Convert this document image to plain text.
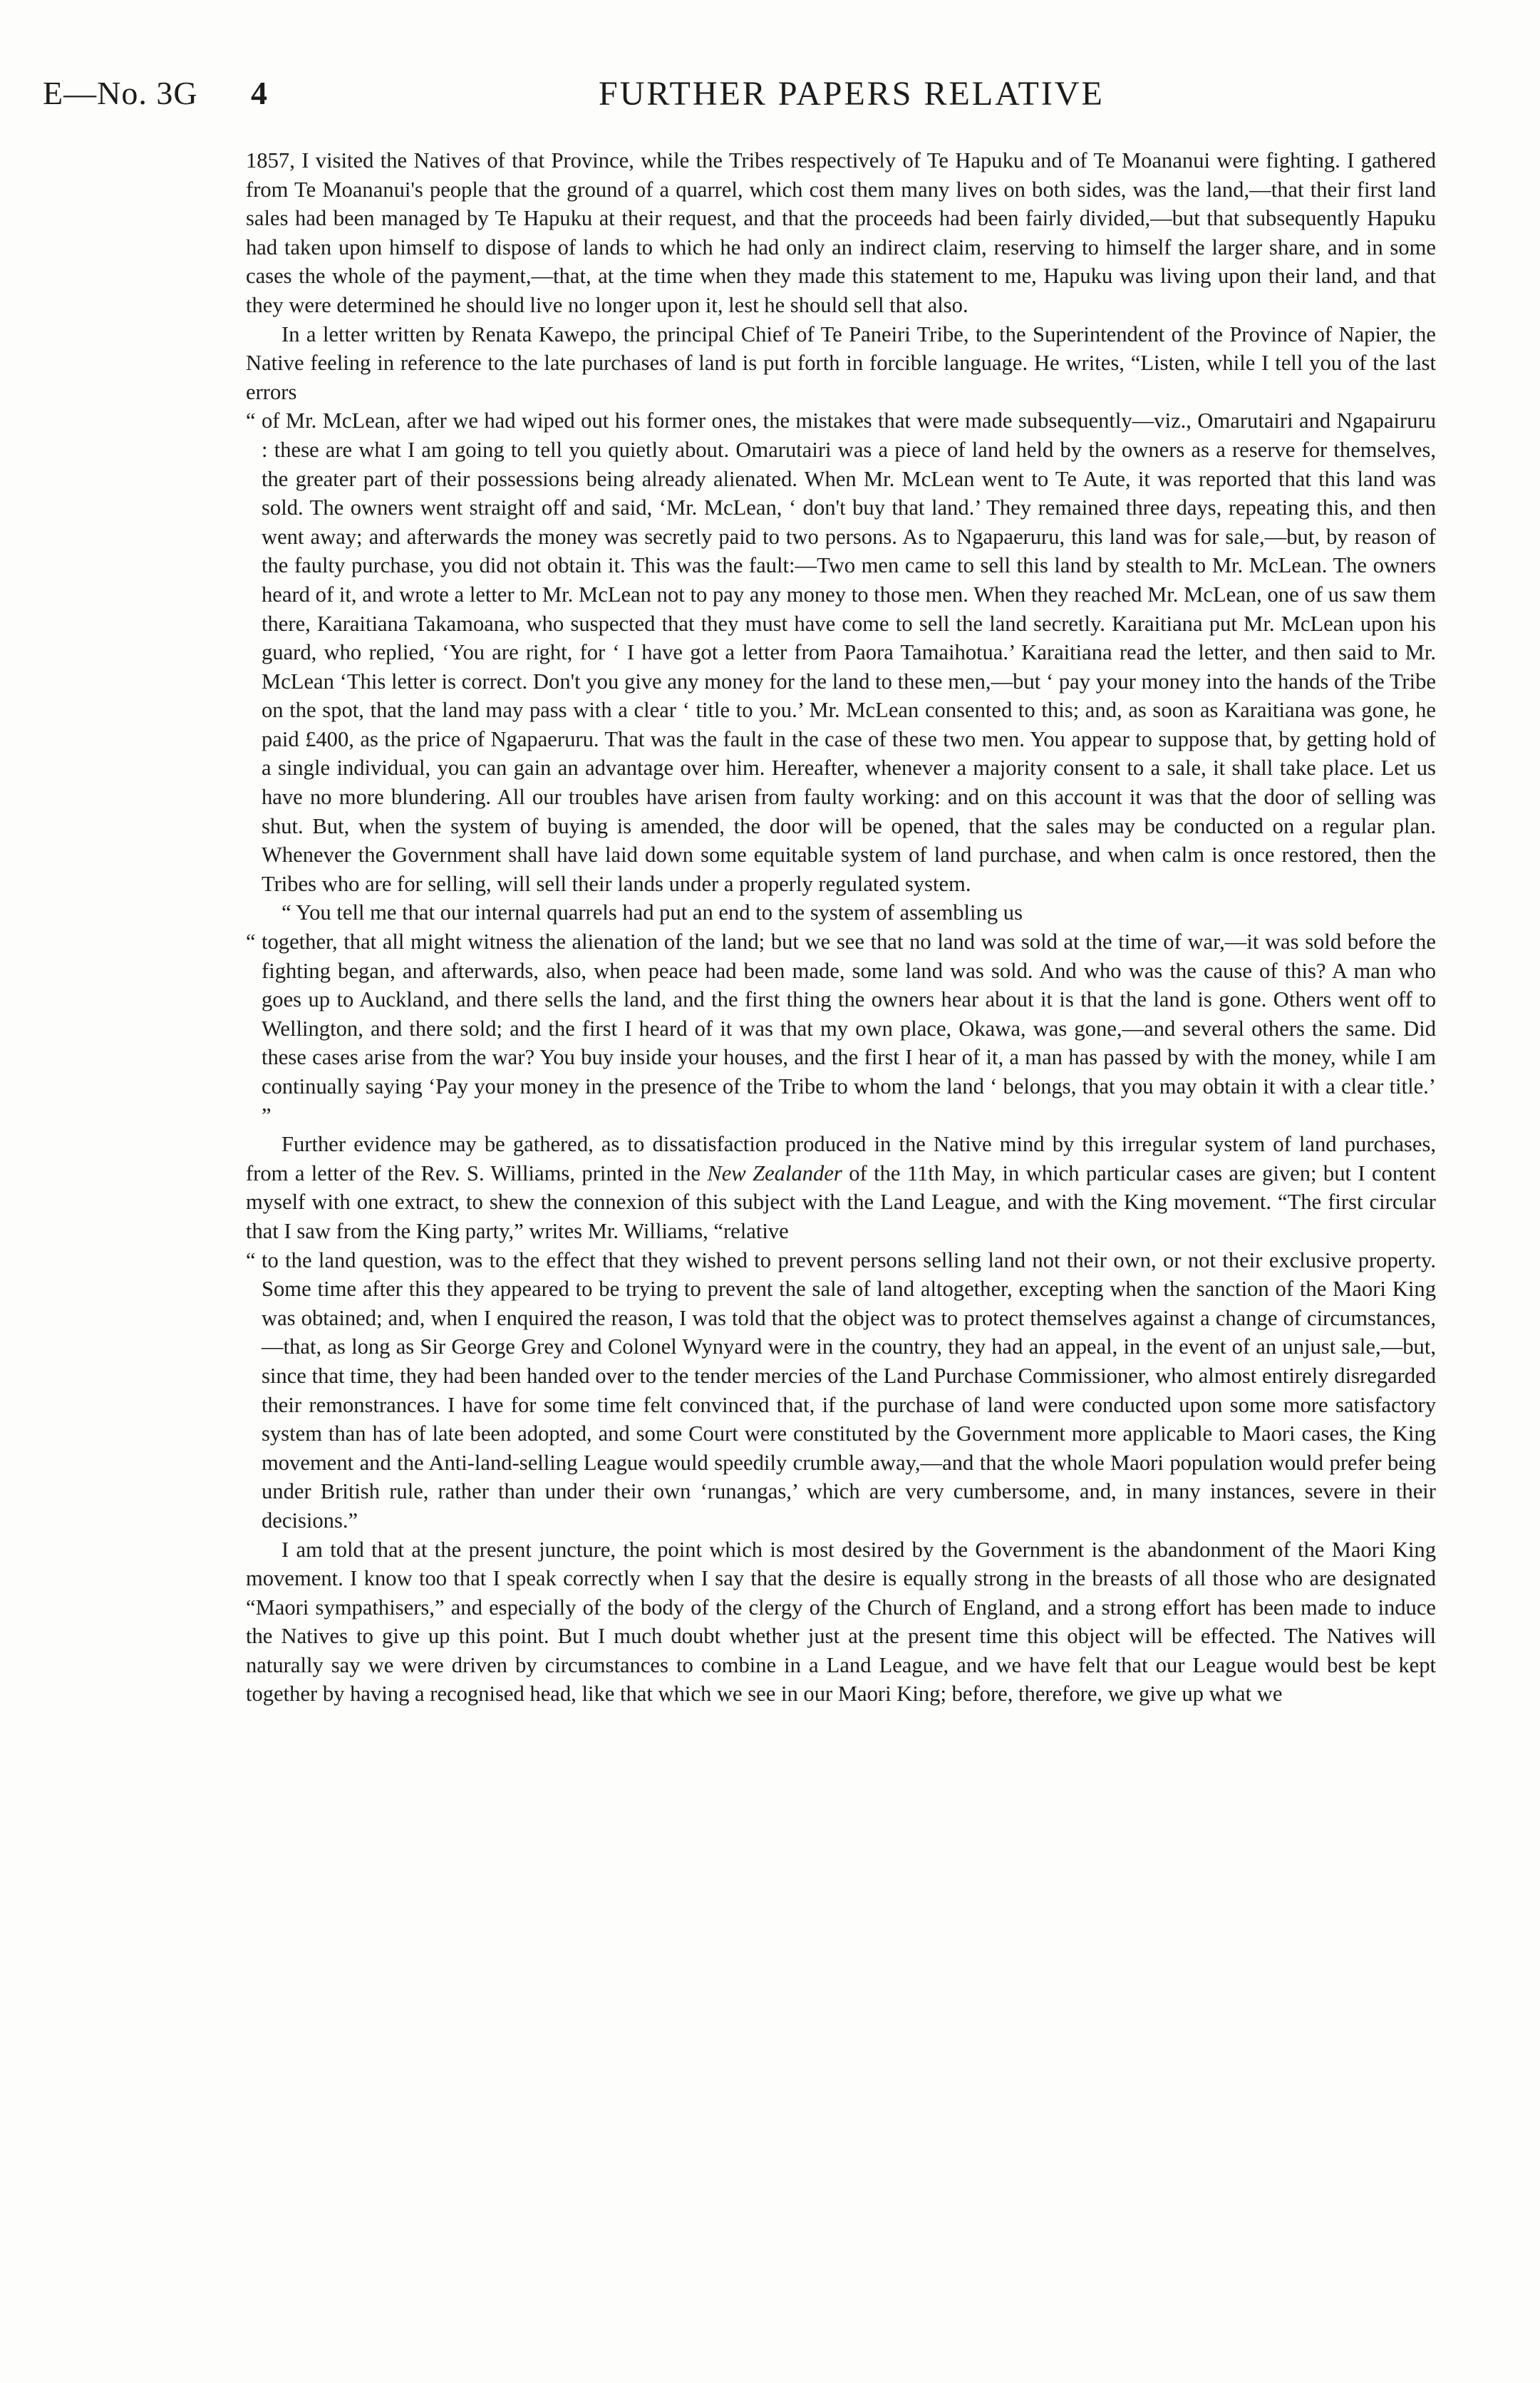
E—No. 3G 4	FURTHER PAPERS RELATIVE

1857, I visited the Natives of that Province, while the Tribes respectively of Te Hapuku and of Te Moananui were fighting. I gathered from Te Moananui's people that the ground of a quarrel, which cost them many lives on both sides, was the land,—that their first land sales had been managed by Te Hapuku at their request, and that the proceeds had been fairly divided,—but that subsequently Hapuku had taken upon himself to dispose of lands to which he had only an indirect claim, reserving to himself the larger share, and in some cases the whole of the payment,—that, at the time when they made this statement to me, Hapuku was living upon their land, and that they were determined he should live no longer upon it, lest he should sell that also.

In a letter written by Renata Kawepo, the principal Chief of Te Paneiri Tribe, to the Superintendent of the Province of Napier, the Native feeling in reference to the late purchases of land is put forth in forcible language. He writes, “Listen, while I tell you of the last errors

“ of Mr. McLean, after we had wiped out his former ones, the mistakes that were made subsequently—viz., Omarutairi and Ngapairuru : these are what I am going to tell you quietly about. Omarutairi was a piece of land held by the owners as a reserve for themselves, the greater part of their possessions being already alienated. When Mr. McLean went to Te Aute, it was reported that this land was sold. The owners went straight off and said, ‘Mr. McLean, ‘ don't buy that land.’ They remained three days, repeating this, and then went away; and afterwards the money was secretly paid to two persons. As to Ngapaeruru, this land was for sale,—but, by reason of the faulty purchase, you did not obtain it. This was the fault:—Two men came to sell this land by stealth to Mr. McLean. The owners heard of it, and wrote a letter to Mr. McLean not to pay any money to those men. When they reached Mr. McLean, one of us saw them there, Karaitiana Takamoana, who suspected that they must have come to sell the land secretly. Karaitiana put Mr. McLean upon his guard, who replied, ‘You are right, for ‘ I have got a letter from Paora Tamaihotua.’ Karaitiana read the letter, and then said to Mr. McLean ‘This letter is correct. Don't you give any money for the land to these men,—but ‘ pay your money into the hands of the Tribe on the spot, that the land may pass with a clear ‘ title to you.’ Mr. McLean consented to this; and, as soon as Karaitiana was gone, he paid £400, as the price of Ngapaeruru. That was the fault in the case of these two men. You appear to suppose that, by getting hold of a single individual, you can gain an advantage over him. Hereafter, whenever a majority consent to a sale, it shall take place. Let us have no more blundering. All our troubles have arisen from faulty working: and on this account it was that the door of selling was shut. But, when the system of buying is amended, the door will be opened, that the sales may be conducted on a regular plan. Whenever the Government shall have laid down some equitable system of land purchase, and when calm is once restored, then the Tribes who are for selling, will sell their lands under a properly regulated system.

“ You tell me that our internal quarrels had put an end to the system of assembling us

“ together, that all might witness the alienation of the land; but we see that no land was sold at the time of war,—it was sold before the fighting began, and afterwards, also, when peace had been made, some land was sold. And who was the cause of this? A man who goes up to Auckland, and there sells the land, and the first thing the owners hear about it is that the land is gone. Others went off to Wellington, and there sold; and the first I heard of it was that my own place, Okawa, was gone,—and several others the same. Did these cases arise from the war? You buy inside your houses, and the first I hear of it, a man has passed by with the money, while I am continually saying ‘Pay your money in the presence of the Tribe to whom the land ‘ belongs, that you may obtain it with a clear title.’ ”

Further evidence may be gathered, as to dissatisfaction produced in the Native mind by this irregular system of land purchases, from a letter of the Rev. S. Williams, printed in the New Zealander of the 11th May, in which particular cases are given; but I content myself with one extract, to shew the connexion of this subject with the Land League, and with the King movement. “The first circular that I saw from the King party,” writes Mr. Williams, “relative

“ to the land question, was to the effect that they wished to prevent persons selling land not their own, or not their exclusive property. Some time after this they appeared to be trying to prevent the sale of land altogether, excepting when the sanction of the Maori King was obtained; and, when I enquired the reason, I was told that the object was to protect themselves against a change of circumstances,—that, as long as Sir George Grey and Colonel Wynyard were in the country, they had an appeal, in the event of an unjust sale,—but, since that time, they had been handed over to the tender mercies of the Land Purchase Commissioner, who almost entirely disregarded their remonstrances. I have for some time felt convinced that, if the purchase of land were conducted upon some more satisfactory system than has of late been adopted, and some Court were constituted by the Government more applicable to Maori cases, the King movement and the Anti-land-selling League would speedily crumble away,—and that the whole Maori population would prefer being under British rule, rather than under their own ‘runangas,’ which are very cumbersome, and, in many instances, severe in their decisions.”

I am told that at the present juncture, the point which is most desired by the Government is the abandonment of the Maori King movement. I know too that I speak correctly when I say that the desire is equally strong in the breasts of all those who are designated “Maori sympathisers,” and especially of the body of the clergy of the Church of England, and a strong effort has been made to induce the Natives to give up this point. But I much doubt whether just at the present time this object will be effected. The Natives will naturally say we were driven by circumstances to combine in a Land League, and we have felt that our League would best be kept together by having a recognised head, like that which we see in our Maori King; before, therefore, we give up what we
